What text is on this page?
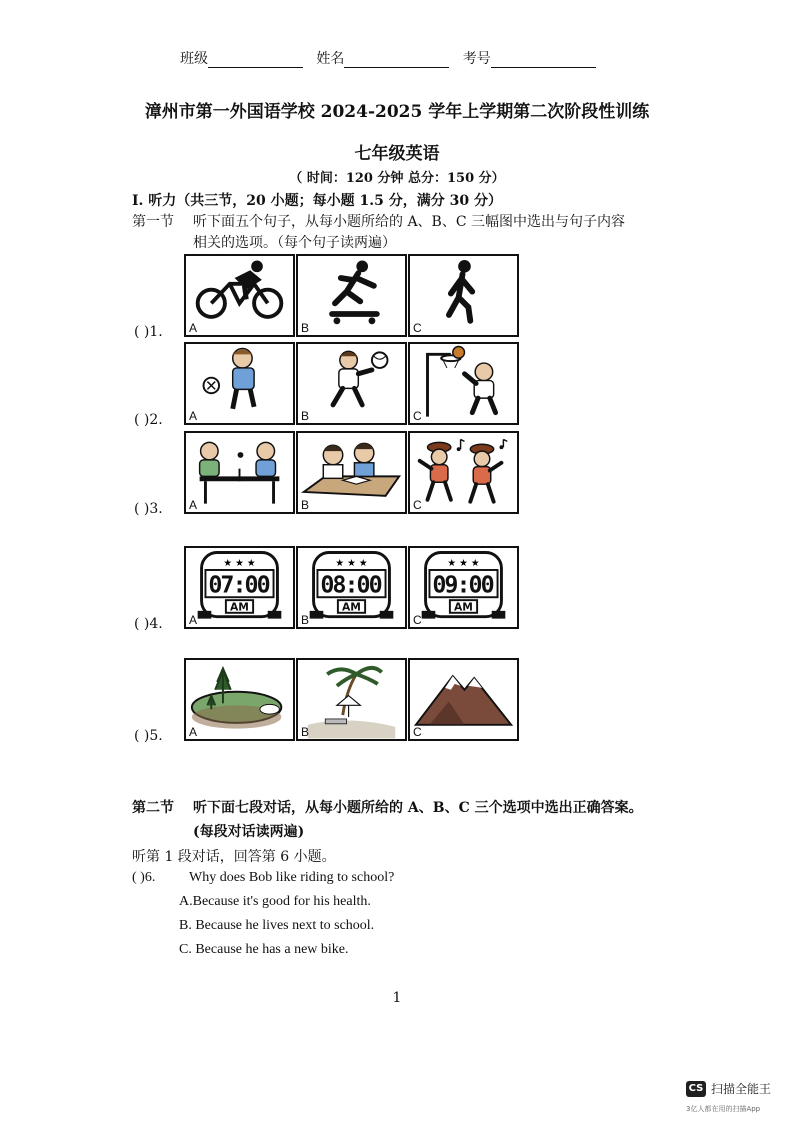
班级	姓名	考号
漳州市第一外国语学校 2024-2025 学年上学期第二次阶段性训练
七年级英语
（ 时间：120 分钟 总分：150 分）
I. 听力（共三节，20 小题；每小题 1.5 分，满分 30 分）
第一节 听下面五个句子，从每小题所给的 A、B、C 三幅图中选出与句子内容
相关的选项。（每个句子读两遍）
( )1. A	B	C
( )2. A	B	C
( )3. A	B	C
( )4.
★ ★ ★
07:00
AM
A
★ ★ ★
08:00
AM
B
★ ★ ★
09:00
AM
C
( )5. A	B	C
第二节 听下面七段对话，从每小题所给的 A、B、C 三个选项中选出正确答案。
(每段对话读两遍)
听第 1 段对话，回答第 6 小题。
( )6. Why does Bob like riding to school?
A.Because it's good for his health.
B. Because he lives next to school.
C. Because he has a new bike.
1
CS 扫描全能王
3亿人都在用的扫描App
